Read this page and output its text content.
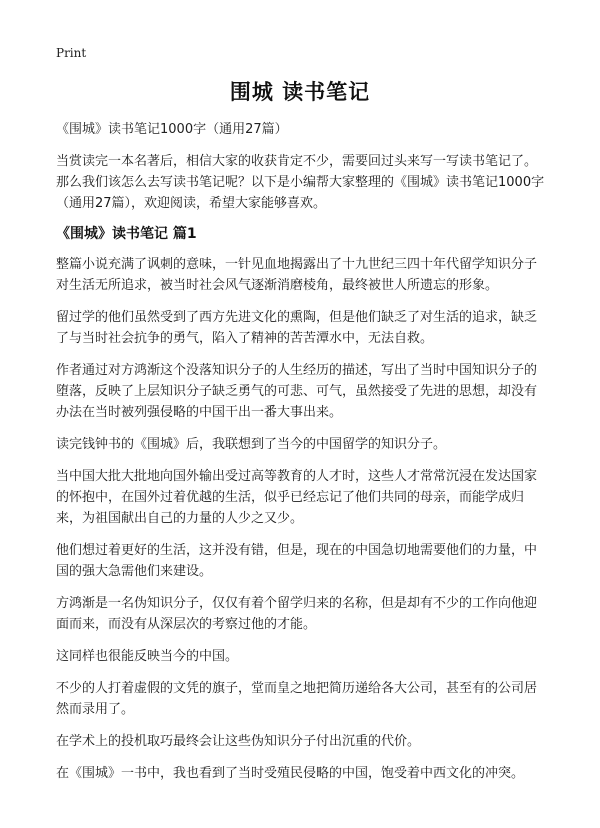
Print
围城 读书笔记
《围城》读书笔记1000字（通用27篇）
当赏读完一本名著后，相信大家的收获肯定不少，需要回过头来写一写读书笔记了。那么我们该怎么去写读书笔记呢？以下是小编帮大家整理的《围城》读书笔记1000字（通用27篇），欢迎阅读，希望大家能够喜欢。
《围城》读书笔记 篇1
整篇小说充满了讽刺的意味，一针见血地揭露出了十九世纪三四十年代留学知识分子对生活无所追求，被当时社会风气逐渐消磨棱角，最终被世人所遗忘的形象。
留过学的他们虽然受到了西方先进文化的熏陶，但是他们缺乏了对生活的追求，缺乏了与当时社会抗争的勇气，陷入了精神的苦苦潭水中，无法自救。
作者通过对方鸿渐这个没落知识分子的人生经历的描述，写出了当时中国知识分子的堕落，反映了上层知识分子缺乏勇气的可悲、可气，虽然接受了先进的思想，却没有办法在当时被列强侵略的中国干出一番大事出来。
读完钱钟书的《围城》后，我联想到了当今的中国留学的知识分子。
当中国大批大批地向国外输出受过高等教育的人才时，这些人才常常沉浸在发达国家的怀抱中，在国外过着优越的生活，似乎已经忘记了他们共同的母亲，而能学成归来，为祖国献出自己的力量的人少之又少。
他们想过着更好的生活，这并没有错，但是，现在的中国急切地需要他们的力量，中国的强大急需他们来建设。
方鸿渐是一名伪知识分子，仅仅有着个留学归来的名称，但是却有不少的工作向他迎面而来，而没有从深层次的考察过他的才能。
这同样也很能反映当今的中国。
不少的人打着虚假的文凭的旗子，堂而皇之地把简历递给各大公司，甚至有的公司居然而录用了。
在学术上的投机取巧最终会让这些伪知识分子付出沉重的代价。
在《围城》一书中，我也看到了当时受殖民侵略的中国，饱受着中西文化的冲突。
